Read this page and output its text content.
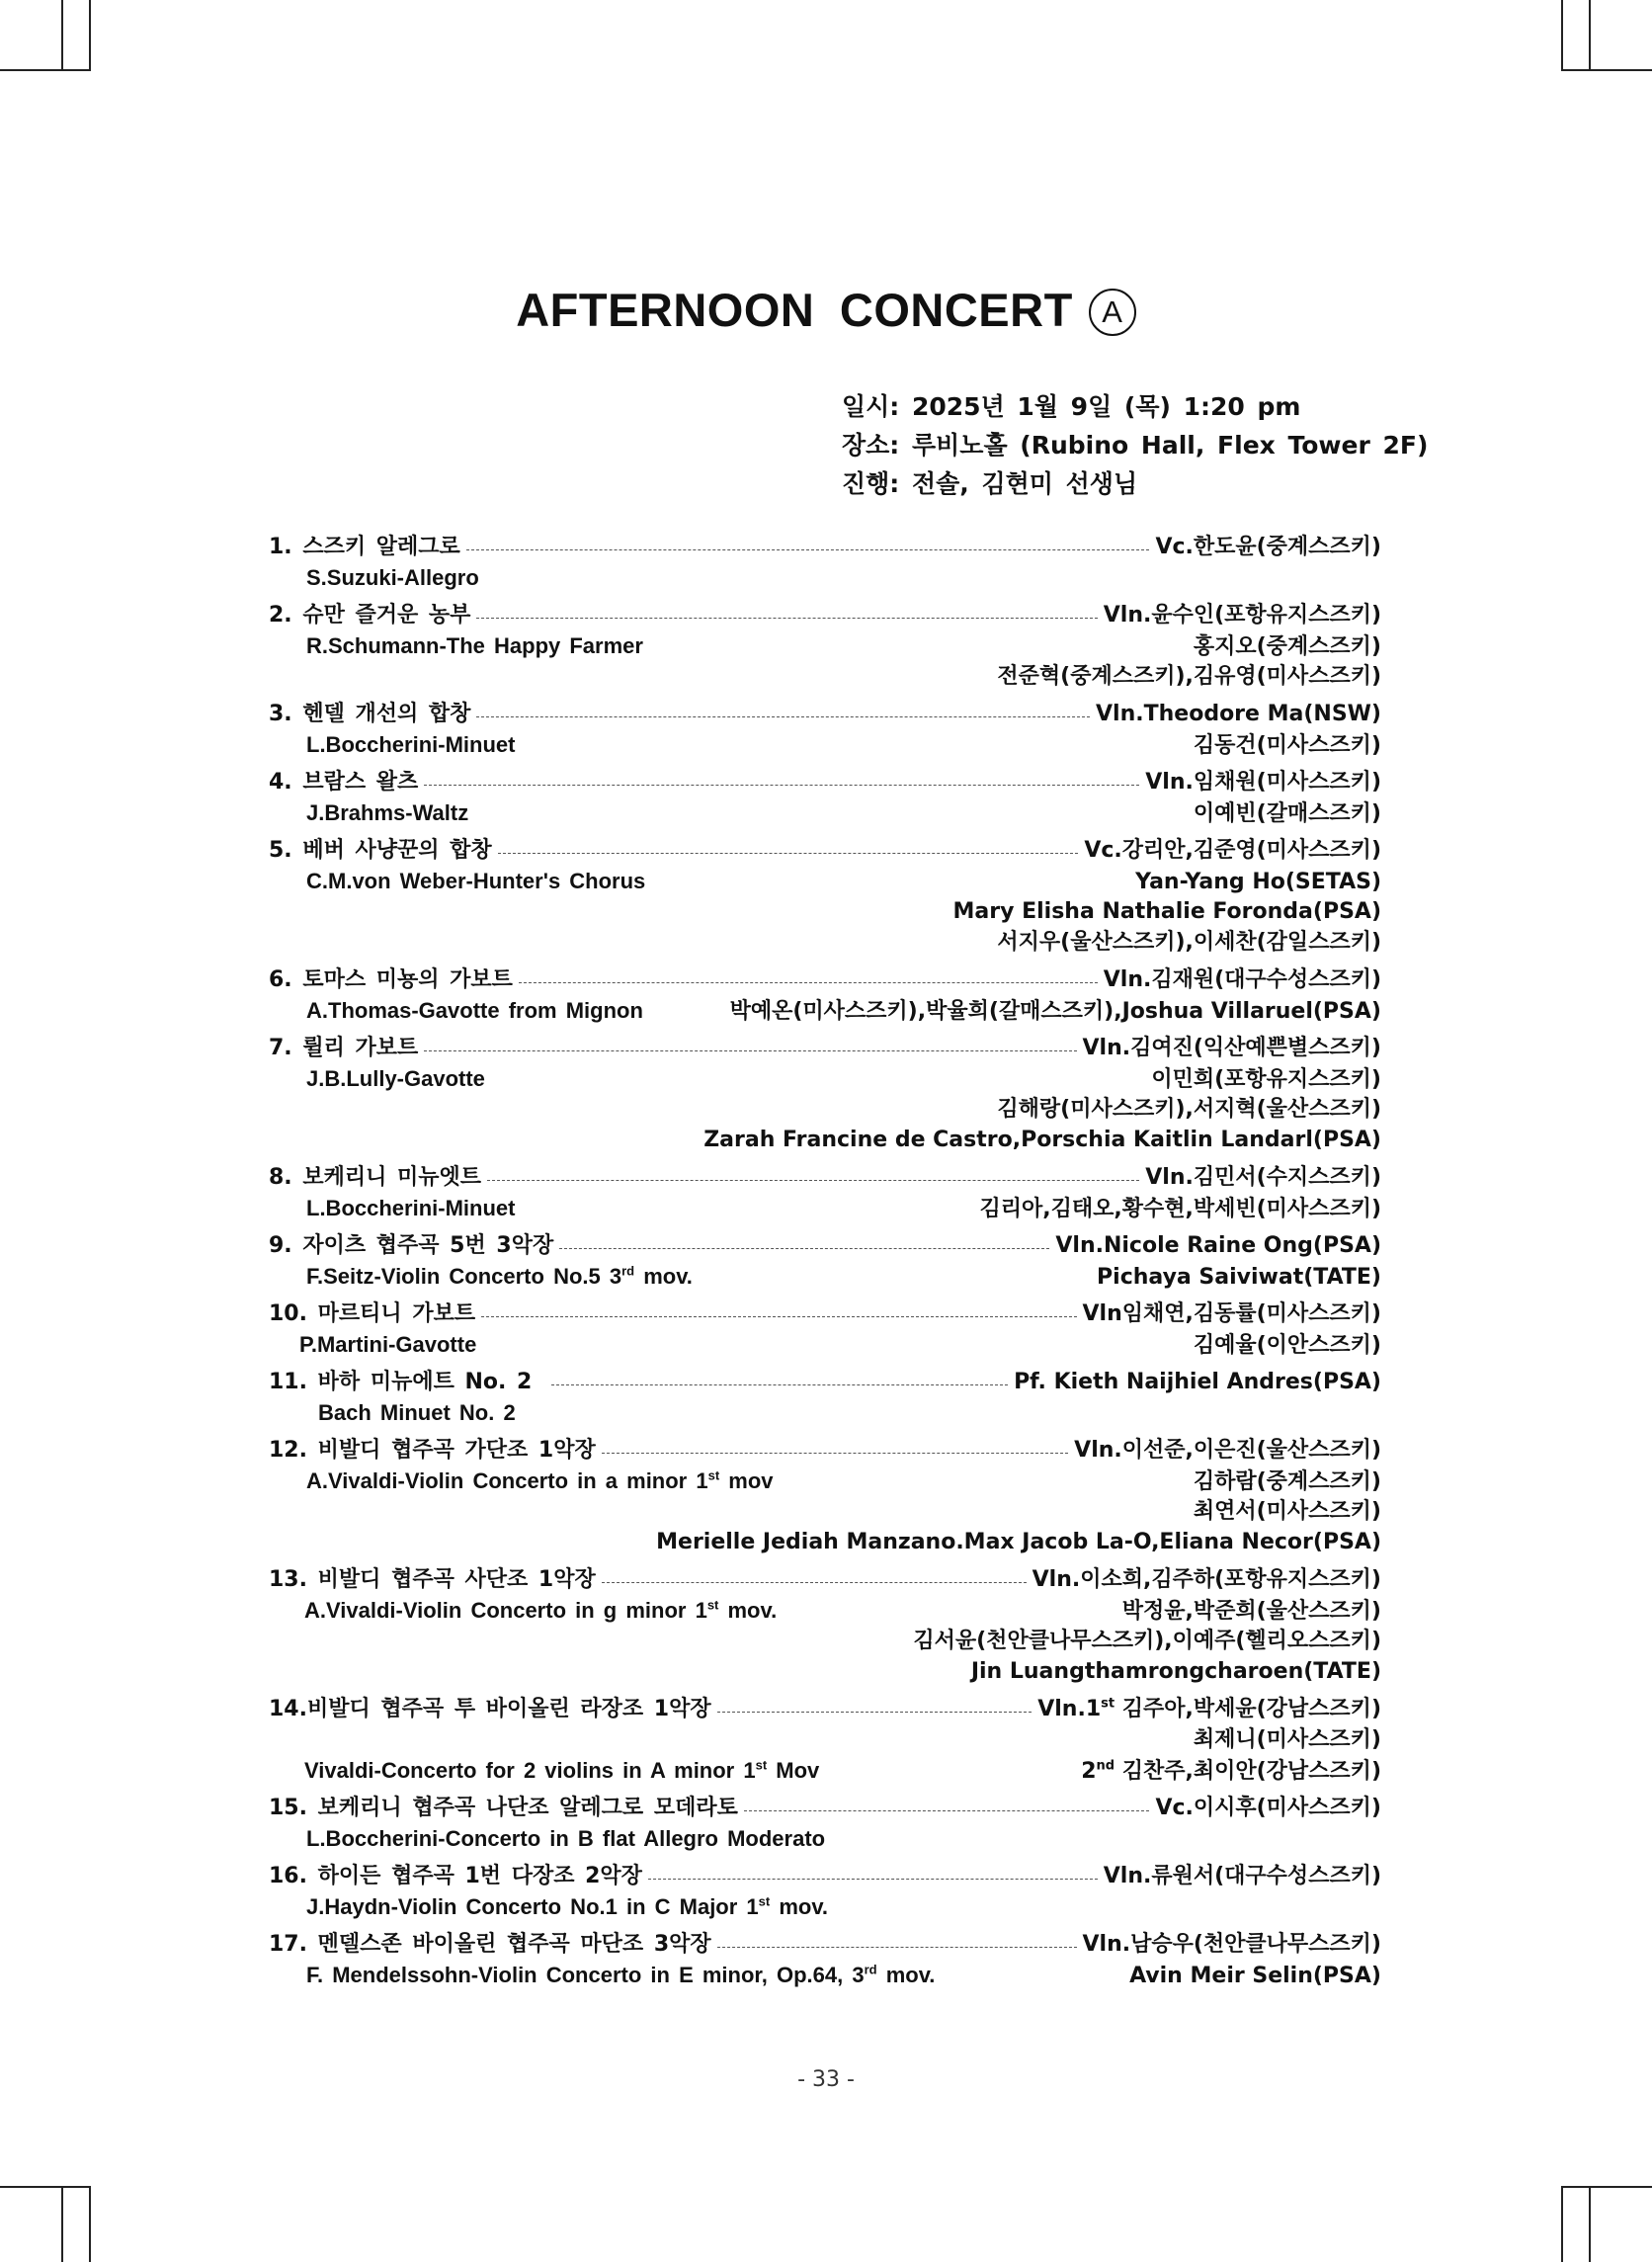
AFTERNOON CONCERT A
일시: 2025년 1월 9일 (목) 1:20 pm
장소: 루비노홀 (Rubino Hall, Flex Tower 2F)
진행: 전솔, 김현미 선생님
1. 스즈키 알레그로	Vc.한도윤(중계스즈키)
S.Suzuki-Allegro
2. 슈만 즐거운 농부	Vln.윤수인(포항유지스즈키)
R.Schumann-The Happy Farmer	홍지오(중계스즈키)
전준혁(중계스즈키),김유영(미사스즈키)
3. 헨델 개선의 합창	Vln.Theodore Ma(NSW)
L.Boccherini-Minuet	김동건(미사스즈키)
4. 브람스 왈츠	Vln.임채원(미사스즈키)
J.Brahms-Waltz	이예빈(갈매스즈키)
5. 베버 사냥꾼의 합창	Vc.강리안,김준영(미사스즈키)
C.M.von Weber-Hunter's Chorus	Yan-Yang Ho(SETAS)
Mary Elisha Nathalie Foronda(PSA)
서지우(울산스즈키),이세찬(감일스즈키)
6. 토마스 미뇽의 가보트	Vln.김재원(대구수성스즈키)
A.Thomas-Gavotte from Mignon	박예온(미사스즈키),박율희(갈매스즈키),Joshua Villaruel(PSA)
7. 륄리 가보트	Vln.김여진(익산예쁜별스즈키)
J.B.Lully-Gavotte	이민희(포항유지스즈키)
김해랑(미사스즈키),서지혁(울산스즈키)
Zarah Francine de Castro,Porschia Kaitlin Landarl(PSA)
8. 보케리니 미뉴엣트	Vln.김민서(수지스즈키)
L.Boccherini-Minuet	김리아,김태오,황수현,박세빈(미사스즈키)
9. 자이츠 협주곡 5번 3악장	Vln.Nicole Raine Ong(PSA)
F.Seitz-Violin Concerto No.5 3rd mov.	Pichaya Saiviwat(TATE)
10. 마르티니 가보트	Vln임채연,김동률(미사스즈키)
P.Martini-Gavotte	김예율(이안스즈키)
11. 바하 미뉴에트 No. 2	Pf. Kieth Naijhiel Andres(PSA)
Bach Minuet No. 2
12. 비발디 협주곡 가단조 1악장	Vln.이선준,이은진(울산스즈키)
A.Vivaldi-Violin Concerto in a minor 1st mov	김하람(중계스즈키)
최연서(미사스즈키)
Merielle Jediah Manzano.Max Jacob La-O,Eliana Necor(PSA)
13. 비발디 협주곡 사단조 1악장	Vln.이소희,김주하(포항유지스즈키)
A.Vivaldi-Violin Concerto in g minor 1st mov.	박정윤,박준희(울산스즈키)
김서윤(천안클나무스즈키),이예주(헬리오스즈키)
Jin Luangthamrongcharoen(TATE)
14.비발디 협주곡 투 바이올린 라장조 1악장	Vln.1st 김주아,박세윤(강남스즈키)
최제니(미사스즈키)
Vivaldi-Concerto for 2 violins in A minor 1st Mov	2nd 김찬주,최이안(강남스즈키)
15. 보케리니 협주곡 나단조 알레그로 모데라토	Vc.이시후(미사스즈키)
L.Boccherini-Concerto in B flat Allegro Moderato
16. 하이든 협주곡 1번 다장조 2악장	Vln.류원서(대구수성스즈키)
J.Haydn-Violin Concerto No.1 in C Major 1st mov.
17. 멘델스존 바이올린 협주곡 마단조 3악장	Vln.남승우(천안클나무스즈키)
F. Mendelssohn-Violin Concerto in E minor, Op.64, 3rd mov.	Avin Meir Selin(PSA)
- 33 -
